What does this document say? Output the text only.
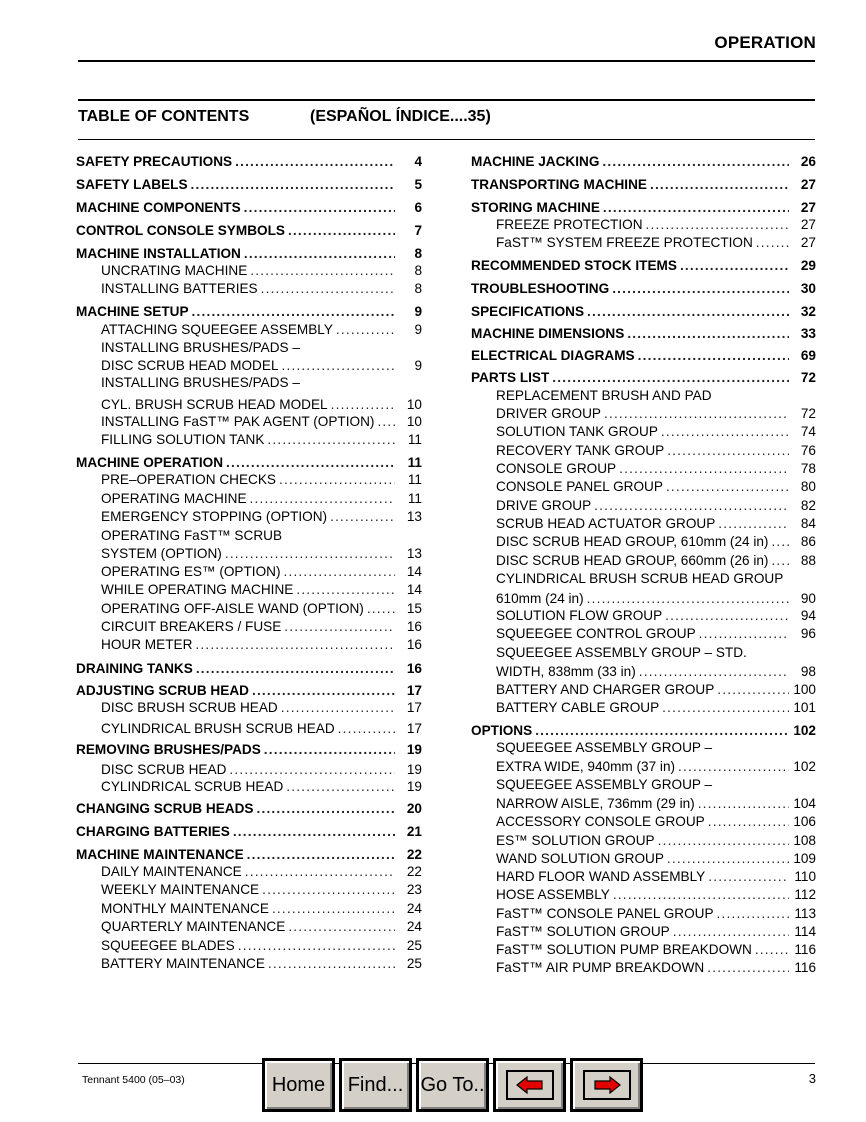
OPERATION
TABLE OF CONTENTS	(ESPAÑOL ÍNDICE....35)
SAFETY PRECAUTIONS .....	4
SAFETY LABELS .....	5
MACHINE COMPONENTS .....	6
CONTROL CONSOLE SYMBOLS .....	7
MACHINE INSTALLATION .....	8
UNCRATING MACHINE .....	8
INSTALLING BATTERIES .....	8
MACHINE SETUP .....	9
ATTACHING SQUEEGEE ASSEMBLY .....	9
INSTALLING BRUSHES/PADS –
DISC SCRUB HEAD MODEL .....	9
INSTALLING BRUSHES/PADS –
CYL. BRUSH SCRUB HEAD MODEL .....	10
INSTALLING FaST™ PAK AGENT (OPTION) .....	10
FILLING SOLUTION TANK .....	11
MACHINE OPERATION .....	11
PRE–OPERATION CHECKS .....	11
OPERATING MACHINE .....	11
EMERGENCY STOPPING (OPTION) .....	13
OPERATING FaST™ SCRUB
SYSTEM (OPTION) .....	13
OPERATING ES™ (OPTION) .....	14
WHILE OPERATING MACHINE .....	14
OPERATING OFF-AISLE WAND (OPTION) .....	15
CIRCUIT BREAKERS / FUSE .....	16
HOUR METER .....	16
DRAINING TANKS .....	16
ADJUSTING SCRUB HEAD .....	17
DISC BRUSH SCRUB HEAD .....	17
CYLINDRICAL BRUSH SCRUB HEAD .....	17
REMOVING BRUSHES/PADS .....	19
DISC SCRUB HEAD .....	19
CYLINDRICAL SCRUB HEAD .....	19
CHANGING SCRUB HEADS .....	20
CHARGING BATTERIES .....	21
MACHINE MAINTENANCE .....	22
DAILY MAINTENANCE .....	22
WEEKLY MAINTENANCE .....	23
MONTHLY MAINTENANCE .....	24
QUARTERLY MAINTENANCE .....	24
SQUEEGEE BLADES .....	25
BATTERY MAINTENANCE .....	25
MACHINE JACKING .....	26
TRANSPORTING MACHINE .....	27
STORING MACHINE .....	27
FREEZE PROTECTION .....	27
FaST™ SYSTEM FREEZE PROTECTION .....	27
RECOMMENDED STOCK ITEMS .....	29
TROUBLESHOOTING .....	30
SPECIFICATIONS .....	32
MACHINE DIMENSIONS .....	33
ELECTRICAL DIAGRAMS .....	69
PARTS LIST .....	72
REPLACEMENT BRUSH AND PAD
DRIVER GROUP .....	72
SOLUTION TANK GROUP .....	74
RECOVERY TANK GROUP .....	76
CONSOLE GROUP .....	78
CONSOLE PANEL GROUP .....	80
DRIVE GROUP .....	82
SCRUB HEAD ACTUATOR GROUP .....	84
DISC SCRUB HEAD GROUP, 610mm (24 in) .....	86
DISC SCRUB HEAD GROUP, 660mm (26 in) .....	88
CYLINDRICAL BRUSH SCRUB HEAD GROUP
610mm (24 in) .....	90
SOLUTION FLOW GROUP .....	94
SQUEEGEE CONTROL GROUP .....	96
SQUEEGEE ASSEMBLY GROUP – STD.
WIDTH, 838mm (33 in) .....	98
BATTERY AND CHARGER GROUP .....	100
BATTERY CABLE GROUP .....	101
OPTIONS .....	102
SQUEEGEE ASSEMBLY GROUP –
EXTRA WIDE, 940mm (37 in) .....	102
SQUEEGEE ASSEMBLY GROUP –
NARROW AISLE, 736mm (29 in) .....	104
ACCESSORY CONSOLE GROUP .....	106
ES™ SOLUTION GROUP .....	108
WAND SOLUTION GROUP .....	109
HARD FLOOR WAND ASSEMBLY .....	110
HOSE ASSEMBLY .....	112
FaST™ CONSOLE PANEL GROUP .....	113
FaST™ SOLUTION GROUP .....	114
FaST™ SOLUTION PUMP BREAKDOWN .....	116
FaST™ AIR PUMP BREAKDOWN .....	116
Tennant 5400 (05–03)	3
Home	Find... Go To..
